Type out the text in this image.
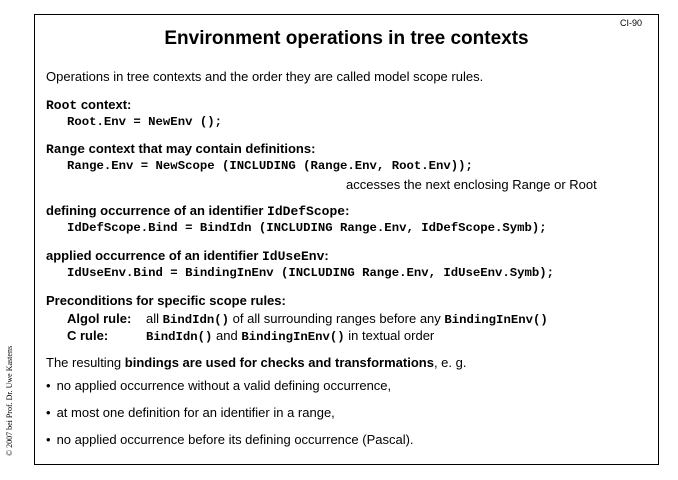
CI-90
Environment operations in tree contexts
© 2007 bei Prof. Dr. Uwe Kastens
Operations in tree contexts and the order they are called model scope rules.
Root context:
Root.Env = NewEnv ();
Range context that may contain definitions:
Range.Env = NewScope (INCLUDING (Range.Env, Root.Env));
accesses the next enclosing Range or Root
defining occurrence of an identifier IdDefScope:
IdDefScope.Bind = BindIdn (INCLUDING Range.Env, IdDefScope.Symb);
applied occurrence of an identifier IdUseEnv:
IdUseEnv.Bind = BindingInEnv (INCLUDING Range.Env, IdUseEnv.Symb);
Preconditions for specific scope rules:
Algol rule: all BindIdn() of all surrounding ranges before any BindingInEnv()
C rule:	BindIdn() and BindingInEnv() in textual order
The resulting bindings are used for checks and transformations, e. g.
• no applied occurrence without a valid defining occurrence,
• at most one definition for an identifier in a range,
• no applied occurrence before its defining occurrence (Pascal).
